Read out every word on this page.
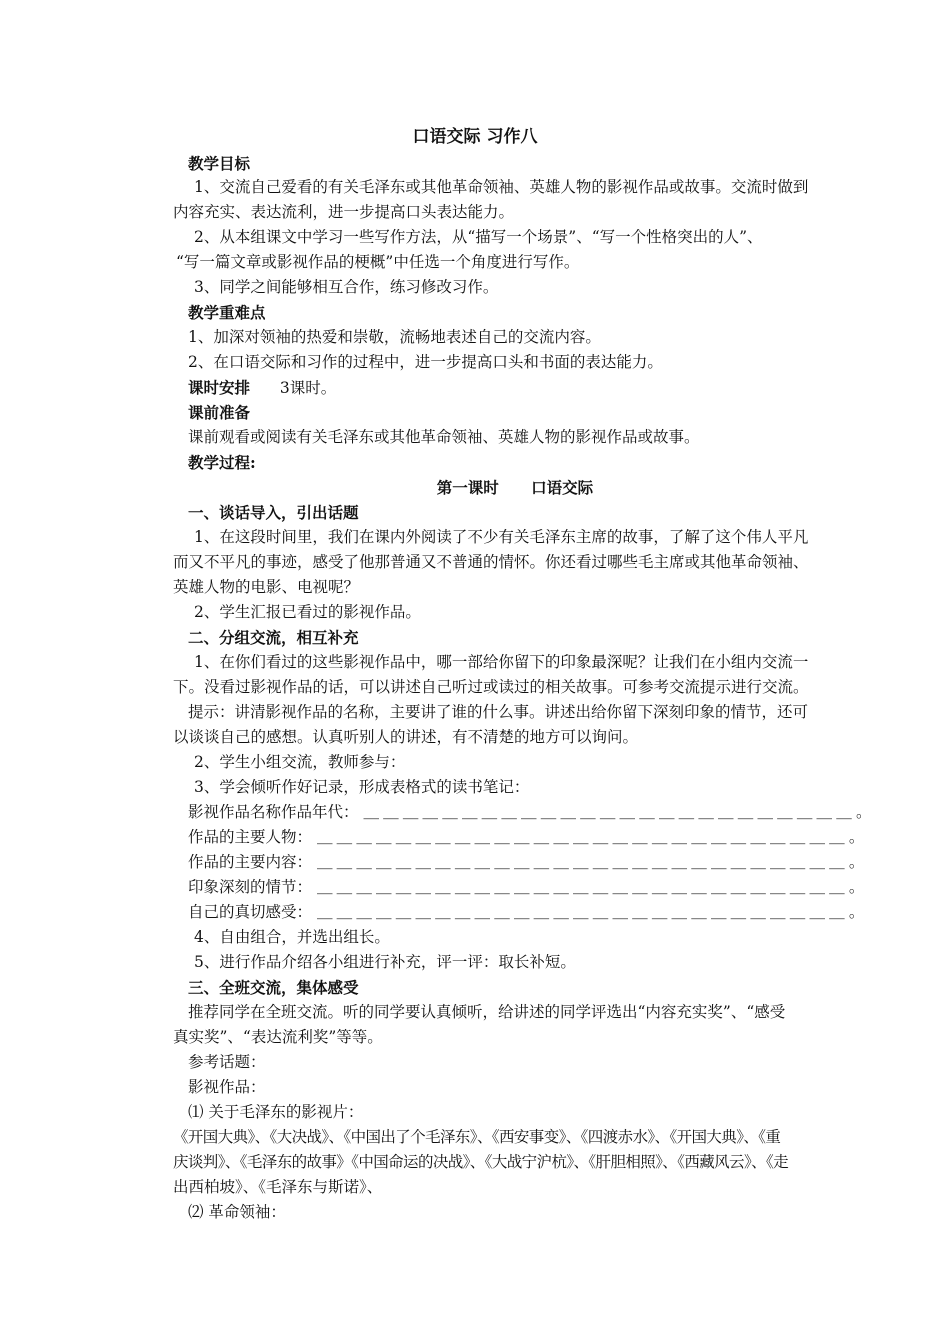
口语交际 习作八
教学目标
1、交流自己爱看的有关毛泽东或其他革命领袖、英雄人物的影视作品或故事。交流时做到
内容充实、表达流利，进一步提高口头表达能力。
2、从本组课文中学习一些写作方法，从“描写一个场景”、“写一个性格突出的人”、
“写一篇文章或影视作品的梗概”中任选一个角度进行写作。
3、同学之间能够相互合作，练习修改习作。
教学重难点
1、加深对领袖的热爱和崇敬，流畅地表述自己的交流内容。
2、在口语交际和习作的过程中，进一步提高口头和书面的表达能力。
课时安排 3课时。
课前准备
课前观看或阅读有关毛泽东或其他革命领袖、英雄人物的影视作品或故事。
教学过程:
第一课时      口语交际
一、谈话导入，引出话题
1、在这段时间里，我们在课内外阅读了不少有关毛泽东主席的故事，了解了这个伟人平凡
而又不平凡的事迹，感受了他那普通又不普通的情怀。你还看过哪些毛主席或其他革命领袖、
英雄人物的电影、电视呢？
2、学生汇报已看过的影视作品。
二、分组交流，相互补充
1、在你们看过的这些影视作品中，哪一部给你留下的印象最深呢？让我们在小组内交流一
下。没看过影视作品的话，可以讲述自己听过或读过的相关故事。可参考交流提示进行交流。
提示：讲清影视作品的名称，主要讲了谁的什么事。讲述出给你留下深刻印象的情节，还可
以谈谈自己的感想。认真听别人的讲述，有不清楚的地方可以询问。
2、学生小组交流，教师参与：
3、学会倾听作好记录，形成表格式的读书笔记：
影视作品名称作品年代： ＿＿＿＿＿＿＿＿＿＿＿＿＿＿＿＿＿＿＿＿＿＿＿＿＿。
作品的主要人物： ＿＿＿＿＿＿＿＿＿＿＿＿＿＿＿＿＿＿＿＿＿＿＿＿＿＿＿。
作品的主要内容： ＿＿＿＿＿＿＿＿＿＿＿＿＿＿＿＿＿＿＿＿＿＿＿＿＿＿＿。
印象深刻的情节： ＿＿＿＿＿＿＿＿＿＿＿＿＿＿＿＿＿＿＿＿＿＿＿＿＿＿＿。
自己的真切感受： ＿＿＿＿＿＿＿＿＿＿＿＿＿＿＿＿＿＿＿＿＿＿＿＿＿＿＿。
4、自由组合，并选出组长。
5、进行作品介绍各小组进行补充，评一评：取长补短。
三、全班交流，集体感受
推荐同学在全班交流。听的同学要认真倾听，给讲述的同学评选出“内容充实奖”、“感受
真实奖”、“表达流利奖”等等。
参考话题：
影视作品：
⑴ 关于毛泽东的影视片：
《开国大典》、《大决战》、《中国出了个毛泽东》、《西安事变》、《四渡赤水》、《开国大典》、《重
庆谈判》、《毛泽东的故事》《中国命运的决战》、《大战宁沪杭》、《肝胆相照》、《西藏风云》、《走
出西柏坡》、《毛泽东与斯诺》、
⑵ 革命领袖：
